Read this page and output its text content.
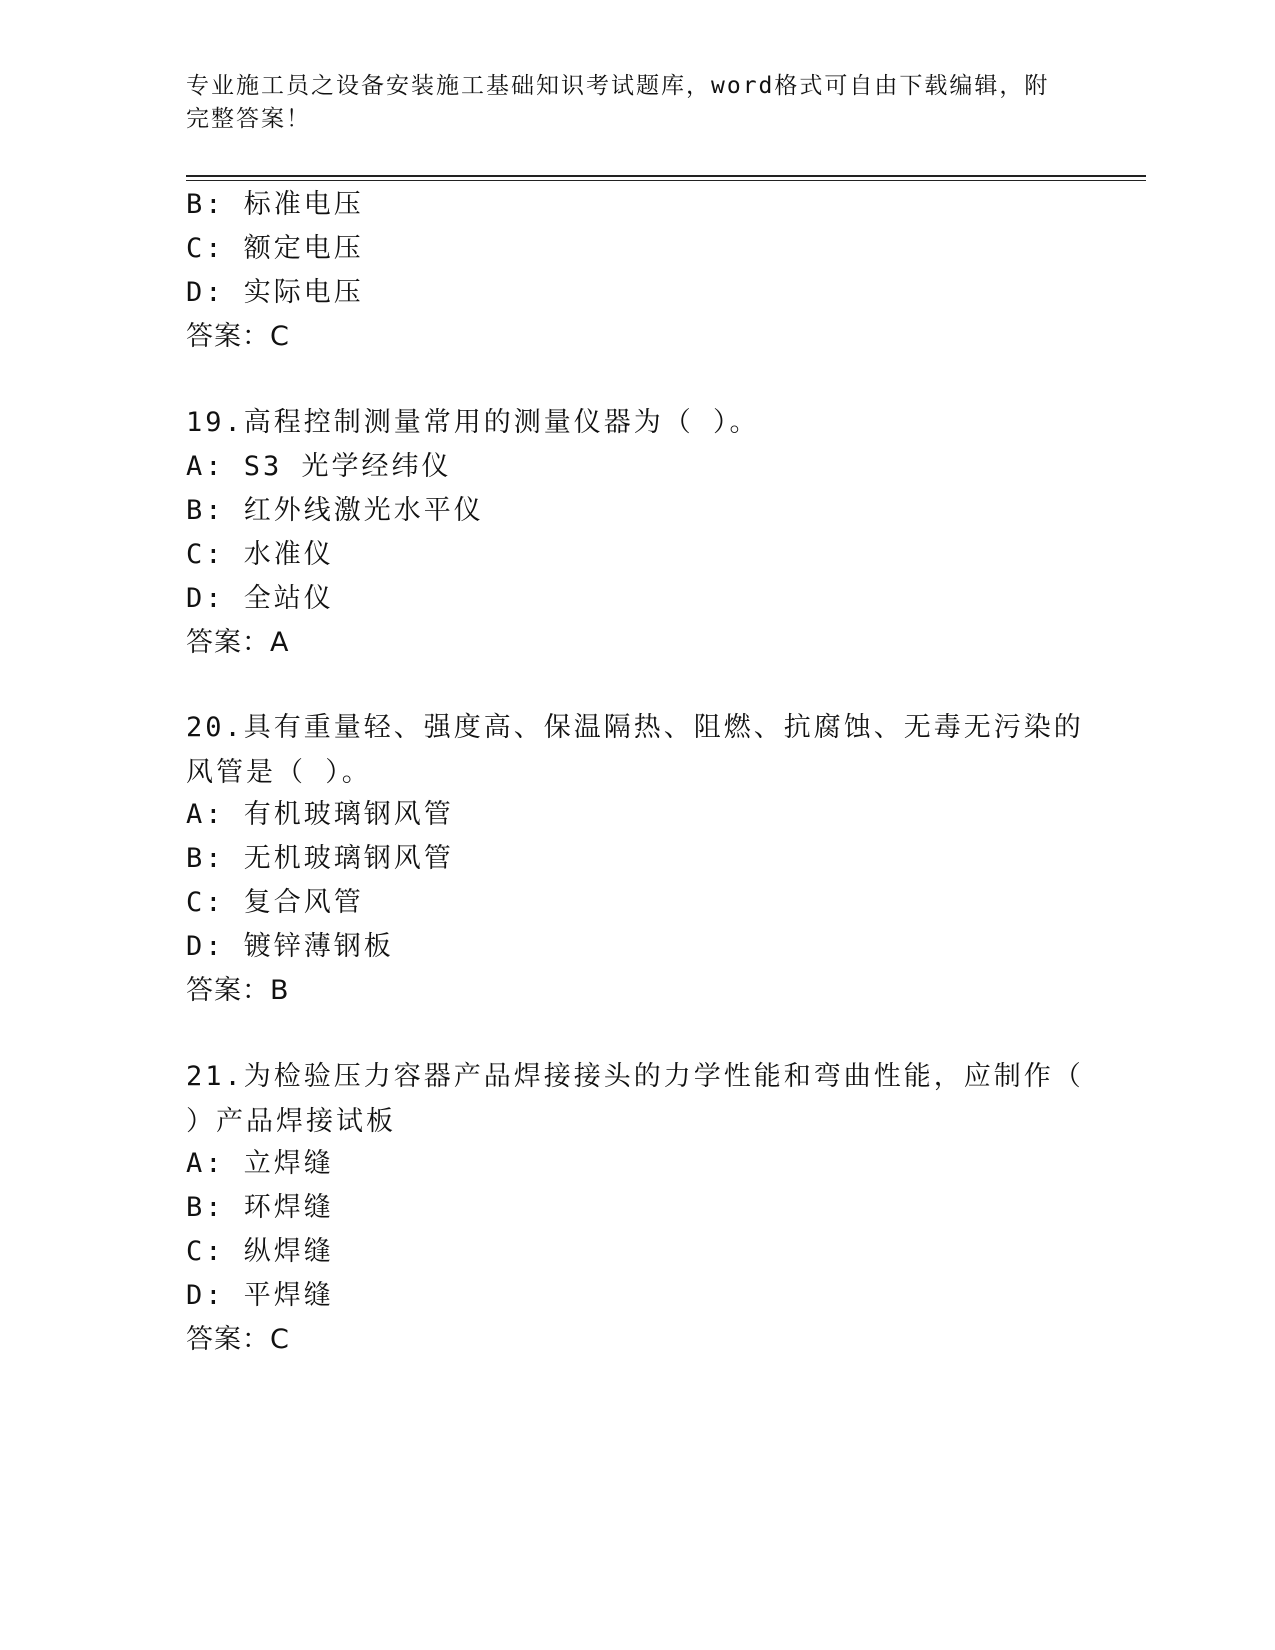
专业施工员之设备安装施工基础知识考试题库，word格式可自由下载编辑，附完整答案！
B: 标准电压
C: 额定电压
D: 实际电压
答案：C
19.高程控制测量常用的测量仪器为（ ）。
A: S3 光学经纬仪
B: 红外线激光水平仪
C: 水准仪
D: 全站仪
答案：A
20.具有重量轻、强度高、保温隔热、阻燃、抗腐蚀、无毒无污染的风管是（ ）。
A: 有机玻璃钢风管
B: 无机玻璃钢风管
C: 复合风管
D: 镀锌薄钢板
答案：B
21.为检验压力容器产品焊接接头的力学性能和弯曲性能，应制作（ ）产品焊接试板
A: 立焊缝
B: 环焊缝
C: 纵焊缝
D: 平焊缝
答案：C
